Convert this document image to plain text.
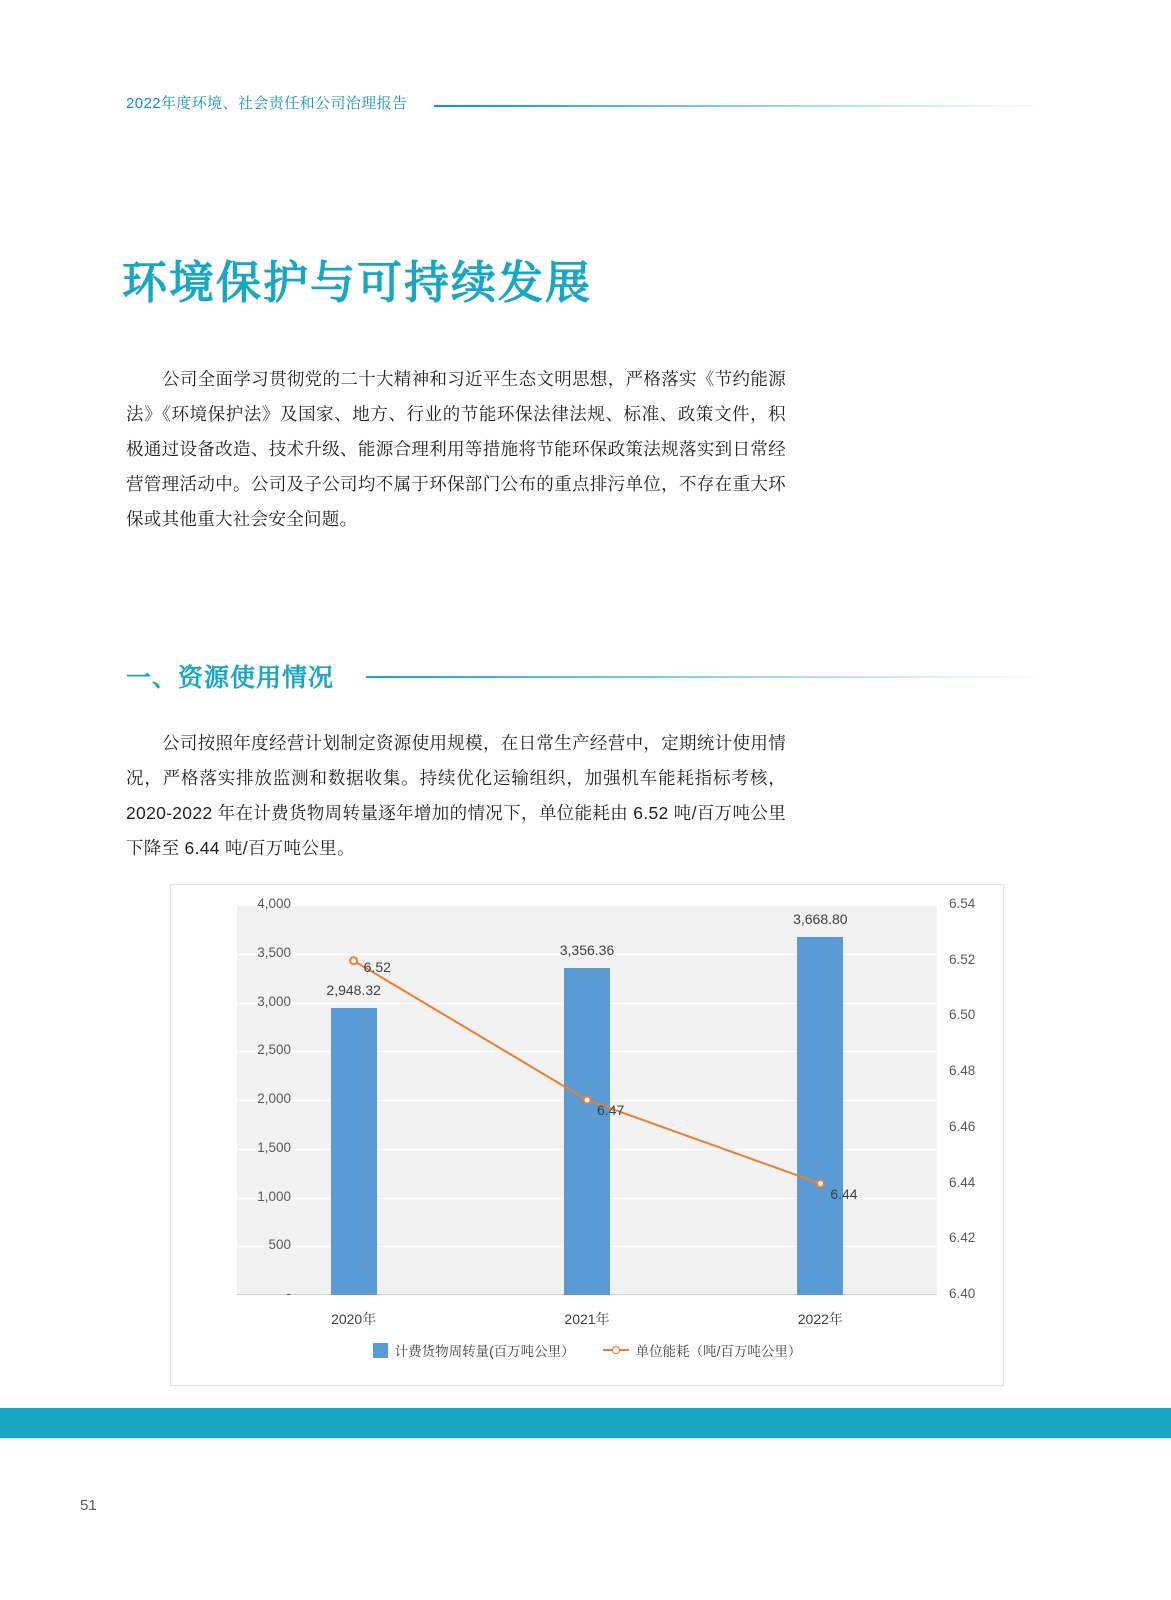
2022年度环境、社会责任和公司治理报告
环境保护与可持续发展
公司全面学习贯彻党的二十大精神和习近平生态文明思想，严格落实《节约能源法》《环境保护法》及国家、地方、行业的节能环保法律法规、标准、政策文件，积极通过设备改造、技术升级、能源合理利用等措施将节能环保政策法规落实到日常经营管理活动中。公司及子公司均不属于环保部门公布的重点排污单位，不存在重大环保或其他重大社会安全问题。
一、资源使用情况
公司按照年度经营计划制定资源使用规模，在日常生产经营中，定期统计使用情况，严格落实排放监测和数据收集。持续优化运输组织，加强机车能耗指标考核，2020-2022 年在计费货物周转量逐年增加的情况下，单位能耗由 6.52 吨/百万吨公里下降至 6.44 吨/百万吨公里。
-
500
1,000
1,500
2,000
2,500
3,000
3,500
4,000
6.40
6.42
6.44
6.46
6.48
6.50
6.52
6.54
2020年	2021年	2022年
2,948.32
3,356.36
3,668.80
6.52
6.47
6.44
计费货物周转量(百万吨公里）	单位能耗（吨/百万吨公里）
51
